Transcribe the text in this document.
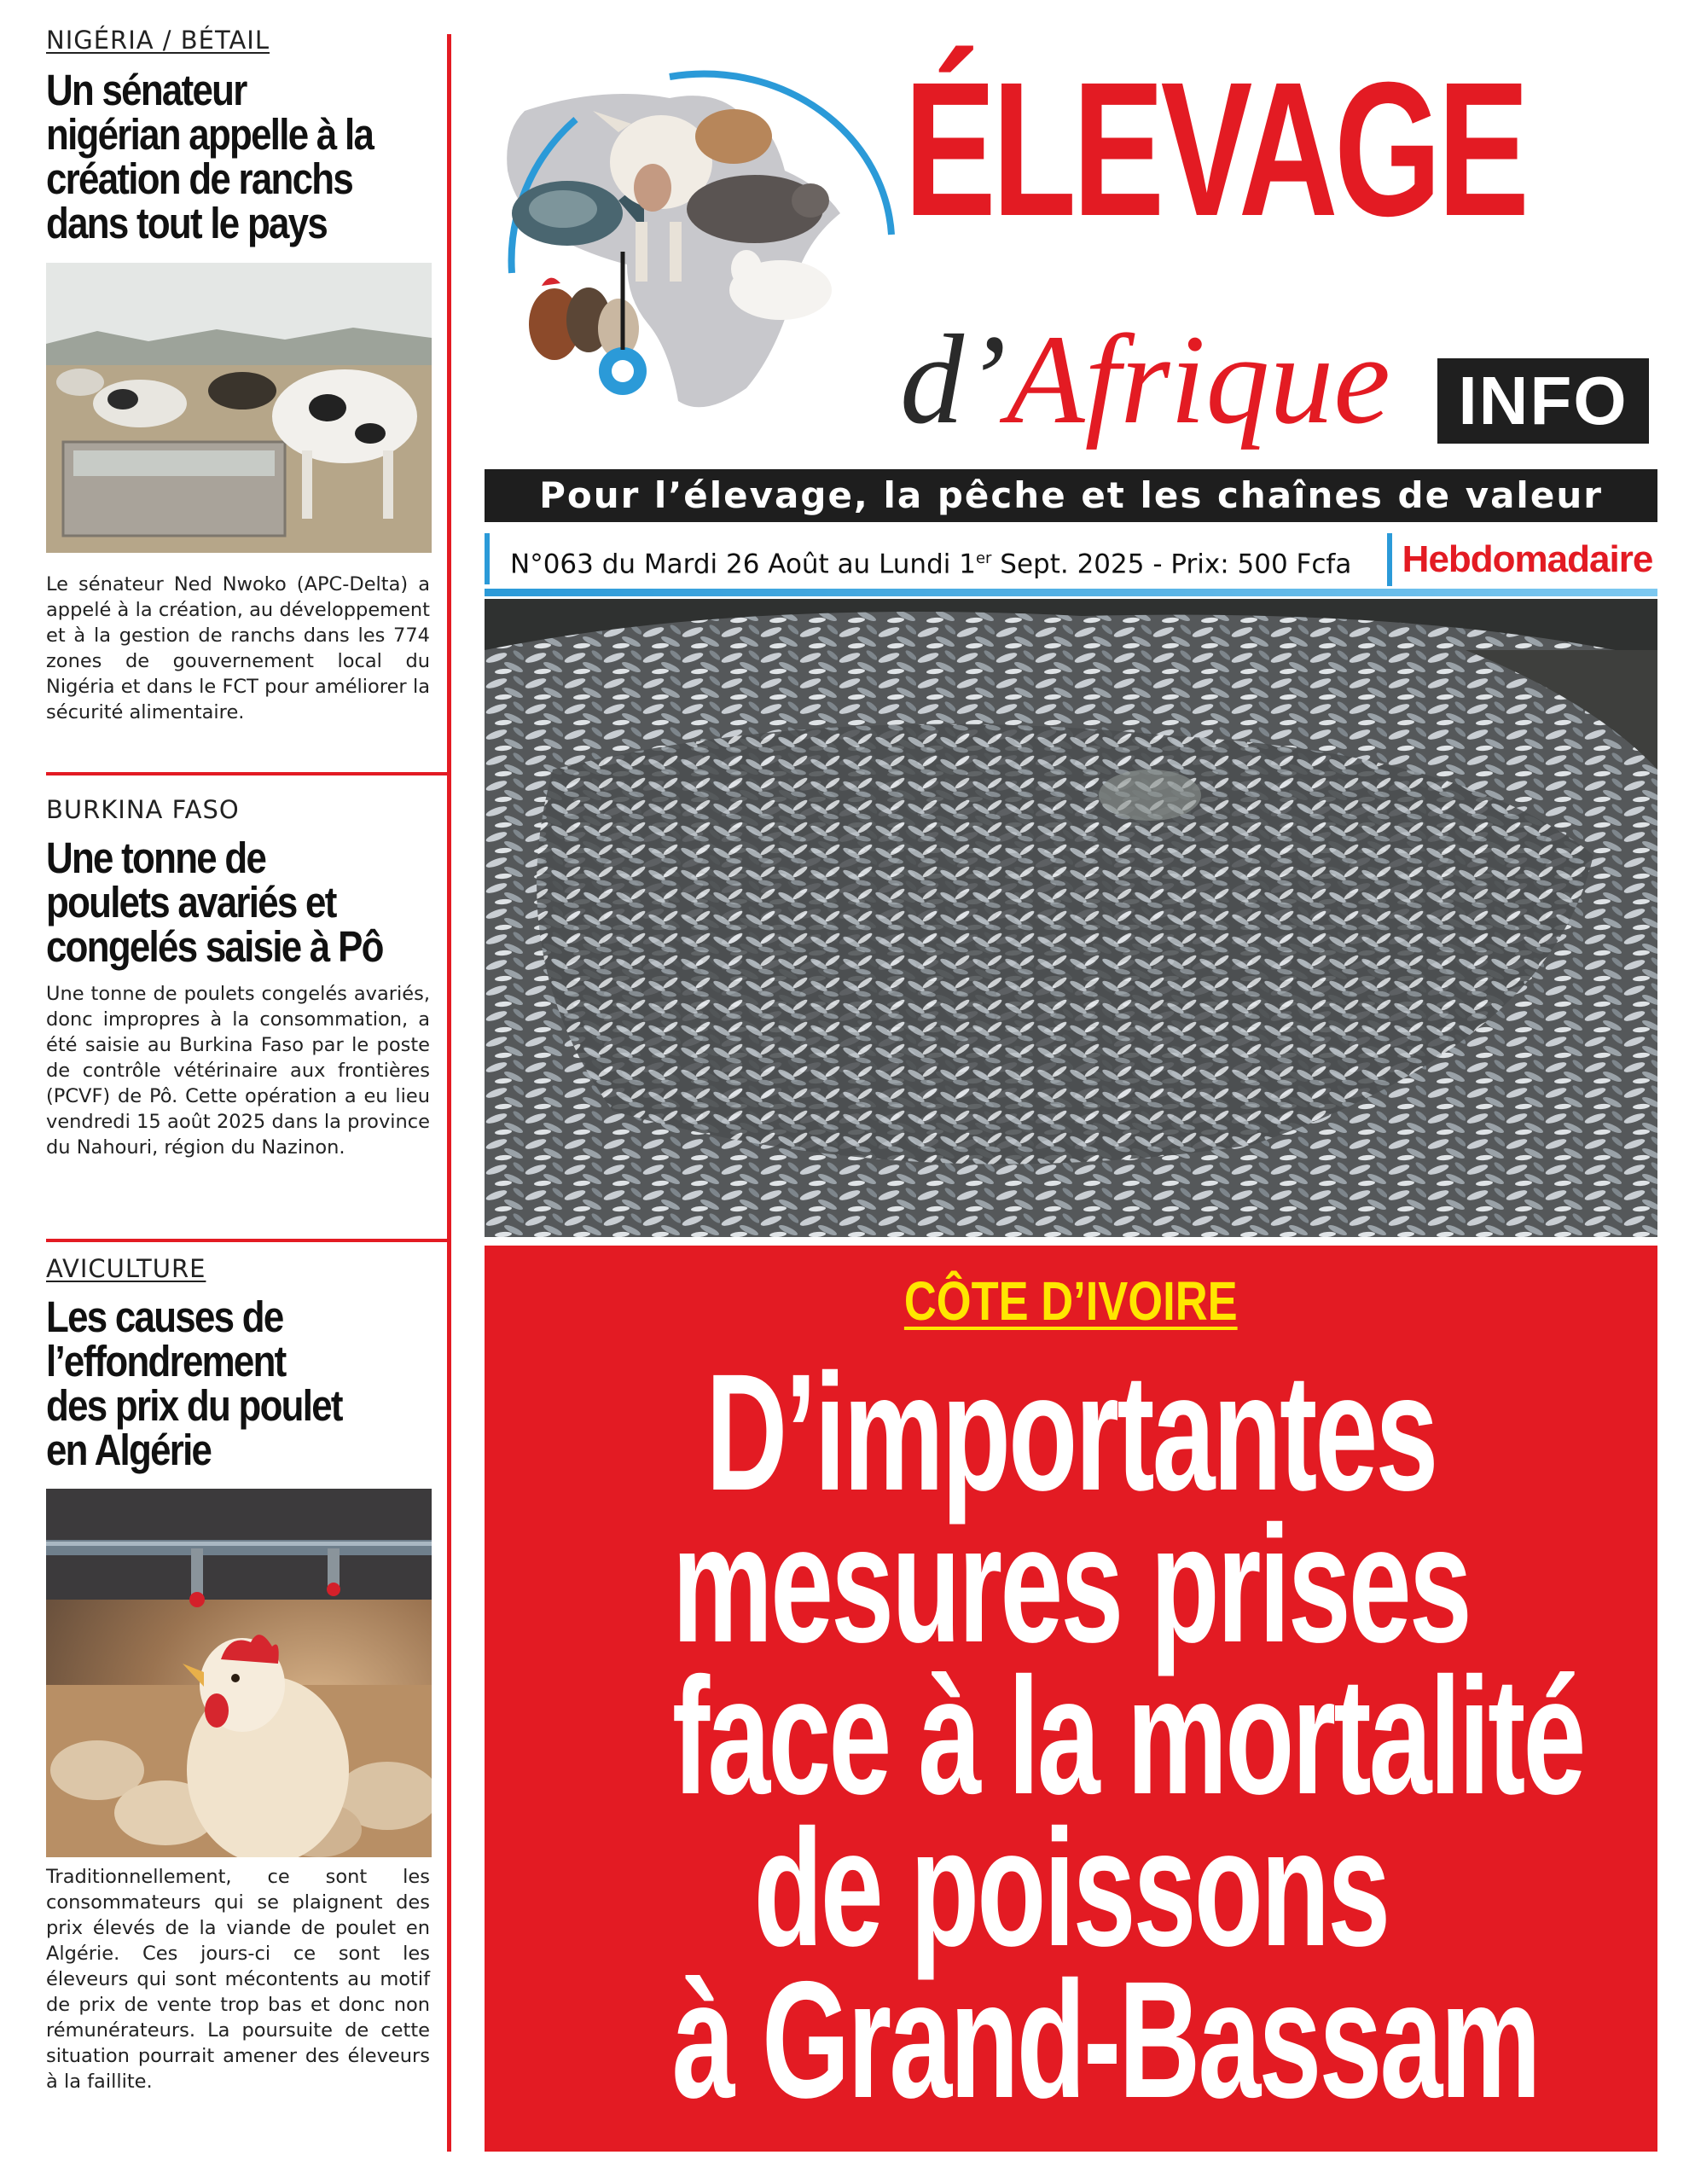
NIGÉRIA / BÉTAIL
Un sénateur
nigérian appelle à la
création de ranchs
dans tout le pays

Le sénateur Ned Nwoko (APC-Delta) a appelé à la création, au développement et à la gestion de ranchs dans les 774 zones de gouvernement local du Nigéria et dans le FCT pour améliorer la sécurité alimentaire.

BURKINA FASO
Une tonne de
poulets avariés et
congelés saisie à Pô

Une tonne de poulets congelés avariés, donc impropres à la consommation, a été saisie au Burkina Faso par le poste de contrôle vétérinaire aux frontières (PCVF) de Pô. Cette opération a eu lieu vendredi 15 août 2025 dans la province du Nahouri, région du Nazinon.

AVICULTURE
Les causes de
l’effondrement
des prix du poulet
en Algérie

Traditionnellement, ce sont les consommateurs qui se plaignent des prix élevés de la viande de poulet en Algérie. Ces jours-ci ce sont les éleveurs qui sont mécontents au motif de prix de vente trop bas et donc non rémunérateurs. La poursuite de cette situation pourrait amener des éleveurs à la faillite.

ÉLEVAGE
d’Afrique INFO
Pour l’élevage, la pêche et les chaînes de valeur
N°063 du Mardi 26 Août au Lundi 1er Sept. 2025 - Prix: 500 Fcfa	Hebdomadaire
CÔTE D’IVOIRE
D’importantes
mesures prises
face à la mortalité
de poissons
à Grand-Bassam
